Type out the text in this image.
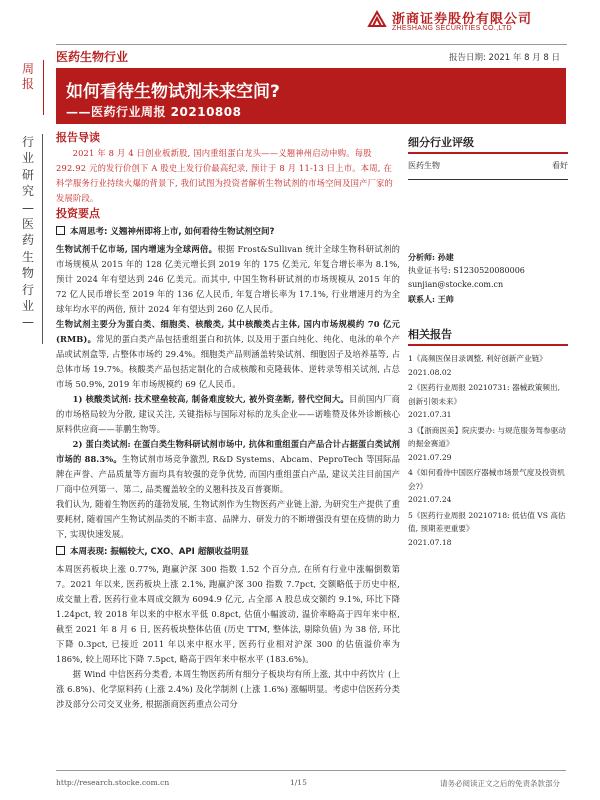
浙商证券股份有限公司
ZHESHANG SECURITIES CO.,LTD
医药生物行业	报告日期: 2021 年 8 月 8 日
周报
行业研究—医药生物行业—
如何看待生物试剂未来空间?
——医药行业周报 20210808
报告导读

2021 年 8 月 4 日创业板新股, 国内重组蛋白龙头——义翘神州启动申购。每股 292.92 元的发行价创下 A 股史上发行价最高纪录, 预计于 8 月 11-13 日上市。本周, 在科学服务行业持续火爆的背景下, 我们试图为投资者解析生物试剂的市场空间及国产厂家的发展阶段。

投资要点
本周思考: 义翘神州即将上市, 如何看待生物试剂空间?

生物试剂千亿市场, 国内增速为全球两倍。根据 Frost&Sullivan 统计全球生物科研试剂的市场规模从 2015 年的 128 亿美元增长到 2019 年的 175 亿美元, 年复合增长率为 8.1%, 预计 2024 年有望达到 246 亿美元。而其中, 中国生物科研试剂的市场规模从 2015 年的 72 亿人民币增长至 2019 年的 136 亿人民币, 年复合增长率为 17.1%, 行业增速月约为全球年均水平的两倍, 预计 2024 年有望达到 260 亿人民币。

生物试剂主要分为蛋白类、细胞类、核酸类, 其中核酸类占主体, 国内市场规模约 70 亿元 (RMB)。常见的蛋白类产品包括重组蛋白和抗体, 以及用于蛋白纯化、纯化、电泳的单个产品或试剂盒等, 占整体市场约 29.4%。细胞类产品则涵盖转染试剂、细胞因子及培养基等, 占总体市场 19.7%。核酸类产品包括定制化的合成核酸和克隆载体、逆转录等相关试剂, 占总市场 50.9%, 2019 年市场规模约 69 亿人民币。

1) 核酸类试剂: 技术壁垒较高, 制备难度较大, 被外资垄断, 替代空间大。目前国内厂商的市场格局较为分散, 建议关注, 关键指标与国际对标的龙头企业——诺唯赞及体外诊断核心原料供应商——菲鹏生物等。

2) 蛋白类试剂: 在蛋白类生物科研试剂市场中, 抗体和重组蛋白产品合计占据蛋白类试剂市场的 88.3%。生物试剂市场竞争激烈, R&D Systems、Abcam、PeproTech 等国际品牌在声誉、产品质量等方面均具有较强的竞争优势, 而国内重组蛋白产品, 建议关注目前国产厂商中位列第一、第二, 品类覆盖较全的义翘科技及百普赛斯。

我们认为, 随着生物医药的蓬勃发展, 生物试剂作为生物医药产业链上游, 为研究生产提供了重要耗材, 随着国产生物试剂品类的不断丰富、品牌力、研发力的不断增强没有望在疫情的助力下, 实现快速发展。

本周表现: 振幅较大, CXO、API 超额收益明显

本周医药板块上涨 0.77%, 跑赢沪深 300 指数 1.52 个百分点, 在所有行业中涨幅倒数第 7。2021 年以来, 医药板块上涨 2.1%, 跑赢沪深 300 指数 7.7pct, 交额略低于历史中枢, 成交量上看, 医药行业本周成交额为 6094.9 亿元, 占全部 A 股总成交额约 9.1%, 环比下降 1.24pct, 较 2018 年以来的中枢水平低 0.8pct, 估值小幅波动, 温价率略高于四年来中枢, 截至 2021 年 8 月 6 日, 医药板块整体估值 (历史 TTM, 整体法, 剔除负值) 为 38 倍, 环比下降 0.3pct, 已接近 2011 年以来中枢水平, 医药行业相对沪深 300 的估值溢价率为 186%, 较上周环比下降 7.5pct, 略高于四年来中枢水平 (183.6%)。

据 Wind 中信医药分类看, 本周生物医药所有细分子板块均有所上涨, 其中中药饮片 (上涨 6.8%)、化学原料药 (上涨 2.4%) 及化学制剂 (上涨 1.6%) 涨幅明显。考虑中信医药分类涉及部分公司交叉业务, 根据浙商医药重点公司分

细分行业评级
医药生物	看好
分析师: 孙建
执业证书号: S1230520080006
sunjian@stocke.com.cn
联系人: 王帅
相关报告
1《高频医保目录调整, 利好创新产业链》
2021.08.02
2《医药行业周报 20210731: 器械政策频出, 创新引领未来》
2021.07.31
3《【浙商医美】院庆要办: 与规范服务驾参驱动的掘金赛道》
2021.07.29
4《如何看待中国医疗器械市场景气度及投资机会?》
2021.07.24
5《医药行业周报 20210718: 低估值 VS 高估值, 预期差更重要》
2021.07.18
http://research.stocke.com.cn	1/15	请务必阅读正文之后的免责条款部分
